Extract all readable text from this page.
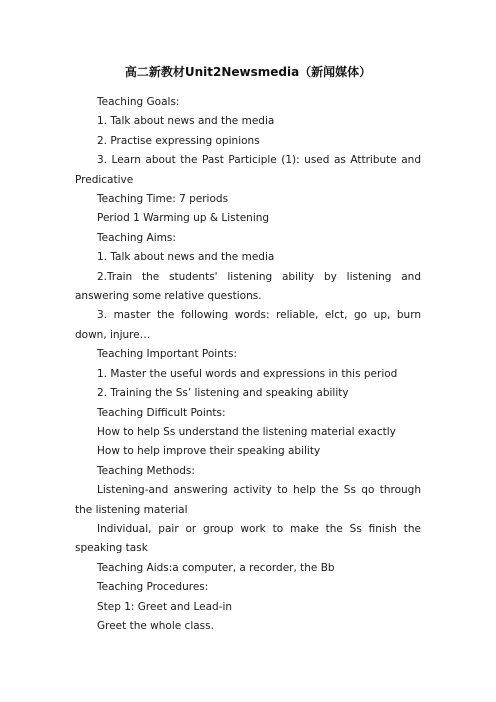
高二新教材Unit2Newsmedia（新闻媒体）

Teaching Goals:

1. Talk about news and the media

2. Practise expressing opinions

3. Learn about the Past Participle (1): used as Attribute and Predicative

Teaching Time: 7 periods

Period 1 Warming up & Listening

Teaching Aims:

1. Talk about news and the media

2.Train the students' listening ability by listening and answering some relative questions.

3. master the following words: reliable, elct, go up, burn down, injure…

Teaching Important Points:

1. Master the useful words and expressions in this period

2. Training the Ss’ listening and speaking ability

Teaching Difficult Points:

How to help Ss understand the listening material exactly

How to help improve their speaking ability

Teaching Methods:

Listening-and answering activity to help the Ss qo through the listening material

Individual, pair or group work to make the Ss finish the speaking task

Teaching Aids:a computer, a recorder, the Bb

Teaching Procedures:

Step 1: Greet and Lead-in

Greet the whole class.
